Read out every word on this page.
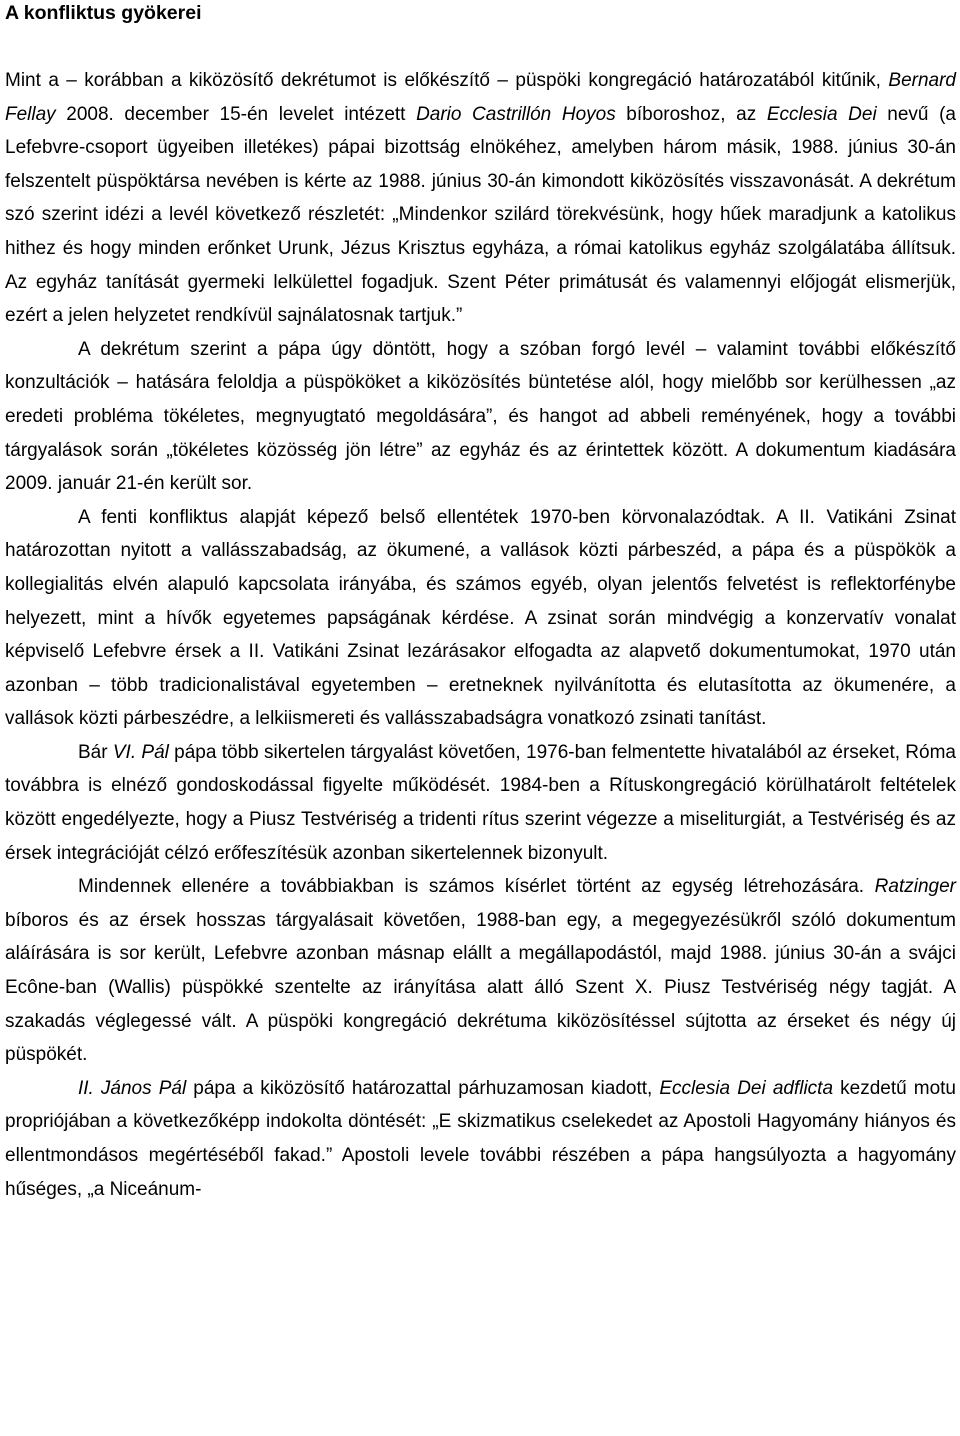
A konfliktus gyökerei

Mint a – korábban a kiközösítő dekrétumot is előkészítő – püspöki kongregáció határozatából kitűnik, Bernard Fellay 2008. december 15-én levelet intézett Dario Castrillón Hoyos bíboroshoz, az Ecclesia Dei nevű (a Lefebvre-csoport ügyeiben illetékes) pápai bizottság elnökéhez, amelyben három másik, 1988. június 30-án felszentelt püspöktársa nevében is kérte az 1988. június 30-án kimondott kiközösítés visszavonását. A dekrétum szó szerint idézi a levél következő részletét: „Mindenkor szilárd törekvésünk, hogy hűek maradjunk a katolikus hithez és hogy minden erőnket Urunk, Jézus Krisztus egyháza, a római katolikus egyház szolgálatába állítsuk. Az egyház tanítását gyermeki lelkülettel fogadjuk. Szent Péter primátusát és valamennyi előjogát elismerjük, ezért a jelen helyzetet rendkívül sajnálatosnak tartjuk.”

A dekrétum szerint a pápa úgy döntött, hogy a szóban forgó levél – valamint további előkészítő konzultációk – hatására feloldja a püspököket a kiközösítés büntetése alól, hogy mielőbb sor kerülhessen „az eredeti probléma tökéletes, megnyugtató megoldására”, és hangot ad abbeli reményének, hogy a további tárgyalások során „tökéletes közösség jön létre” az egyház és az érintettek között. A dokumentum kiadására 2009. január 21-én került sor.

A fenti konfliktus alapját képező belső ellentétek 1970-ben körvonalazódtak. A II. Vatikáni Zsinat határozottan nyitott a vallásszabadság, az ökumené, a vallások közti párbeszéd, a pápa és a püspökök a kollegialitás elvén alapuló kapcsolata irányába, és számos egyéb, olyan jelentős felvetést is reflektorfénybe helyezett, mint a hívők egyetemes papságának kérdése. A zsinat során mindvégig a konzervatív vonalat képviselő Lefebvre érsek a II. Vatikáni Zsinat lezárásakor elfogadta az alapvető dokumentumokat, 1970 után azonban – több tradicionalistával egyetemben – eretneknek nyilvánította és elutasította az ökumenére, a vallások közti párbeszédre, a lelkiismereti és vallásszabadságra vonatkozó zsinati tanítást.

Bár VI. Pál pápa több sikertelen tárgyalást követően, 1976-ban felmentette hivatalából az érseket, Róma továbbra is elnéző gondoskodással figyelte működését. 1984-ben a Rítuskongregáció körülhatárolt feltételek között engedélyezte, hogy a Piusz Testvériség a tridenti rítus szerint végezze a miseliturgiát, a Testvériség és az érsek integrációját célzó erőfeszítésük azonban sikertelennek bizonyult.

Mindennek ellenére a továbbiakban is számos kísérlet történt az egység létrehozására. Ratzinger bíboros és az érsek hosszas tárgyalásait követően, 1988-ban egy, a megegyezésükről szóló dokumentum aláírására is sor került, Lefebvre azonban másnap elállt a megállapodástól, majd 1988. június 30-án a svájci Ecône-ban (Wallis) püspökké szentelte az irányítása alatt álló Szent X. Piusz Testvériség négy tagját. A szakadás véglegessé vált. A püspöki kongregáció dekrétuma kiközösítéssel sújtotta az érseket és négy új püspökét.

II. János Pál pápa a kiközösítő határozattal párhuzamosan kiadott, Ecclesia Dei adflicta kezdetű motu propriójában a következőképp indokolta döntését: „E skizmatikus cselekedet az Apostoli Hagyomány hiányos és ellentmondásos megértéséből fakad.” Apostoli levele további részében a pápa hangsúlyozta a hagyomány hűséges, „a Niceánum-
